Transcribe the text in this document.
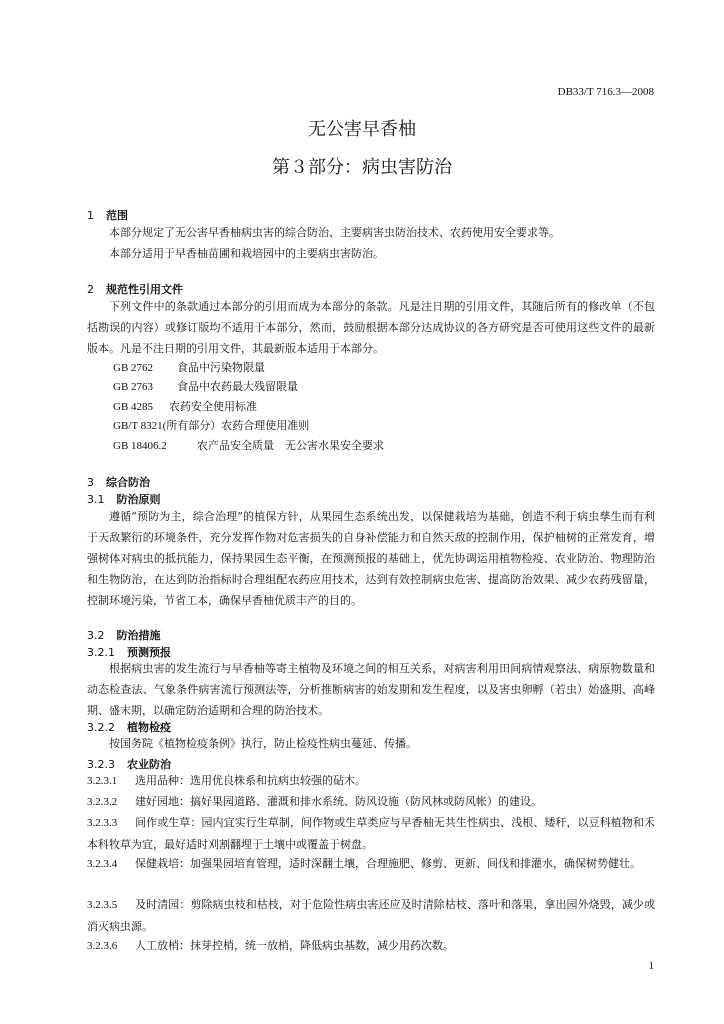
DB33/T 716.3—2008
无公害早香柚
第３部分：病虫害防治
1 范围

本部分规定了无公害早香柚病虫害的综合防治、主要病害虫防治技术、农药使用安全要求等。

本部分适用于早香柚苗圃和栽培园中的主要病虫害防治。

2 规范性引用文件

下列文件中的条款通过本部分的引用而成为本部分的条款。凡是注日期的引用文件，其随后所有的修改单（不包括勘误的内容）或修订版均不适用于本部分，然而，鼓励根据本部分达成协议的各方研究是否可使用这些文件的最新版本。凡是不注日期的引用文件，其最新版本适用于本部分。

GB 2762 食品中污染物限量
GB 2763 食品中农药最大残留限量
GB 4285 农药安全使用标准
GB/T 8321(所有部分）农药合理使用准则
GB 18406.2	农产品安全质量　无公害水果安全要求
3 综合防治
3.1 防治原则

遵循“预防为主，综合治理”的植保方针，从果园生态系统出发，以保健栽培为基础，创造不利于病虫孳生而有利于天敌繁衍的环境条件，充分发挥作物对危害损失的自身补偿能力和自然天敌的控制作用，保护柚树的正常发育，增强树体对病虫的抵抗能力，保持果园生态平衡，在预测预报的基础上，优先协调运用植物检疫、农业防治、物理防治和生物防治，在达到防治指标时合理组配农药应用技术，达到有效控制病虫危害、提高防治效果、减少农药残留量，控制环境污染，节省工本，确保早香柚优质丰产的目的。

3.2 防治措施
3.2.1 预测预报

根据病虫害的发生流行与早香柚等寄主植物及环境之间的相互关系，对病害利用田间病情观察法、病原物数量和动态检查法、气象条件病害流行预测法等，分析推断病害的始发期和发生程度，以及害虫卵孵（若虫）始盛期、高峰期、盛末期，以确定防治适期和合理的防治技术。

3.2.2 植物检疫

按国务院《植物检疫条例》执行，防止检疫性病虫蔓延、传播。

3.2.3 农业防治

3.2.3.1 选用品种：选用优良株系和抗病虫较强的砧木。

3.2.3.2 建好园地：搞好果园道路、灌溉和排水系统、防风设施（防风林或防风帐）的建设。

3.2.3.3 间作或生草：园内宜实行生草制，间作物或生草类应与早香柚无共生性病虫、浅根、矮秆，以豆科植物和禾本科牧草为宜，最好适时刈割翻埋于土壤中或覆盖于树盘。

3.2.3.4 保健栽培：加强果园培育管理，适时深翻土壤，合理施肥、修剪、更新、间伐和排灌水，确保树势健壮。

3.2.3.5 及时清园：剪除病虫枝和枯枝，对于危险性病虫害还应及时清除枯枝、落叶和落果，拿出园外烧毁，减少或消灭病虫源。

3.2.3.6 人工放梢：抹芽控梢，统一放梢，降低病虫基数，减少用药次数。

1
